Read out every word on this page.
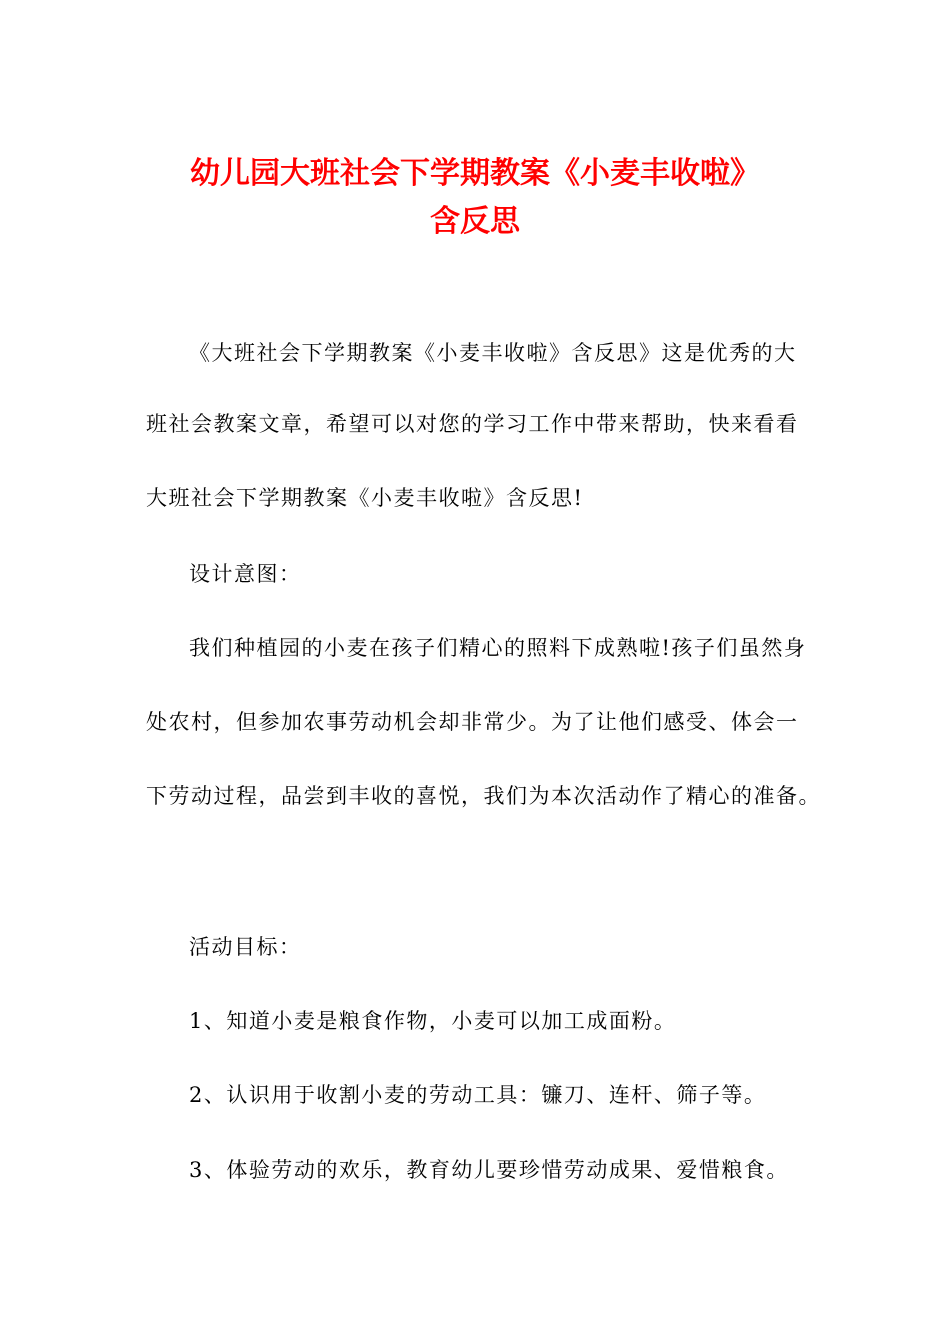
幼儿园大班社会下学期教案《小麦丰收啦》
含反思

《大班社会下学期教案《小麦丰收啦》含反思》这是优秀的大

班社会教案文章，希望可以对您的学习工作中带来帮助，快来看看

大班社会下学期教案《小麦丰收啦》含反思!

设计意图：

我们种植园的小麦在孩子们精心的照料下成熟啦!孩子们虽然身

处农村，但参加农事劳动机会却非常少。为了让他们感受、体会一

下劳动过程，品尝到丰收的喜悦，我们为本次活动作了精心的准备。

活动目标：

1、知道小麦是粮食作物，小麦可以加工成面粉。

2、认识用于收割小麦的劳动工具：镰刀、连杆、筛子等。

3、体验劳动的欢乐，教育幼儿要珍惜劳动成果、爱惜粮食。
